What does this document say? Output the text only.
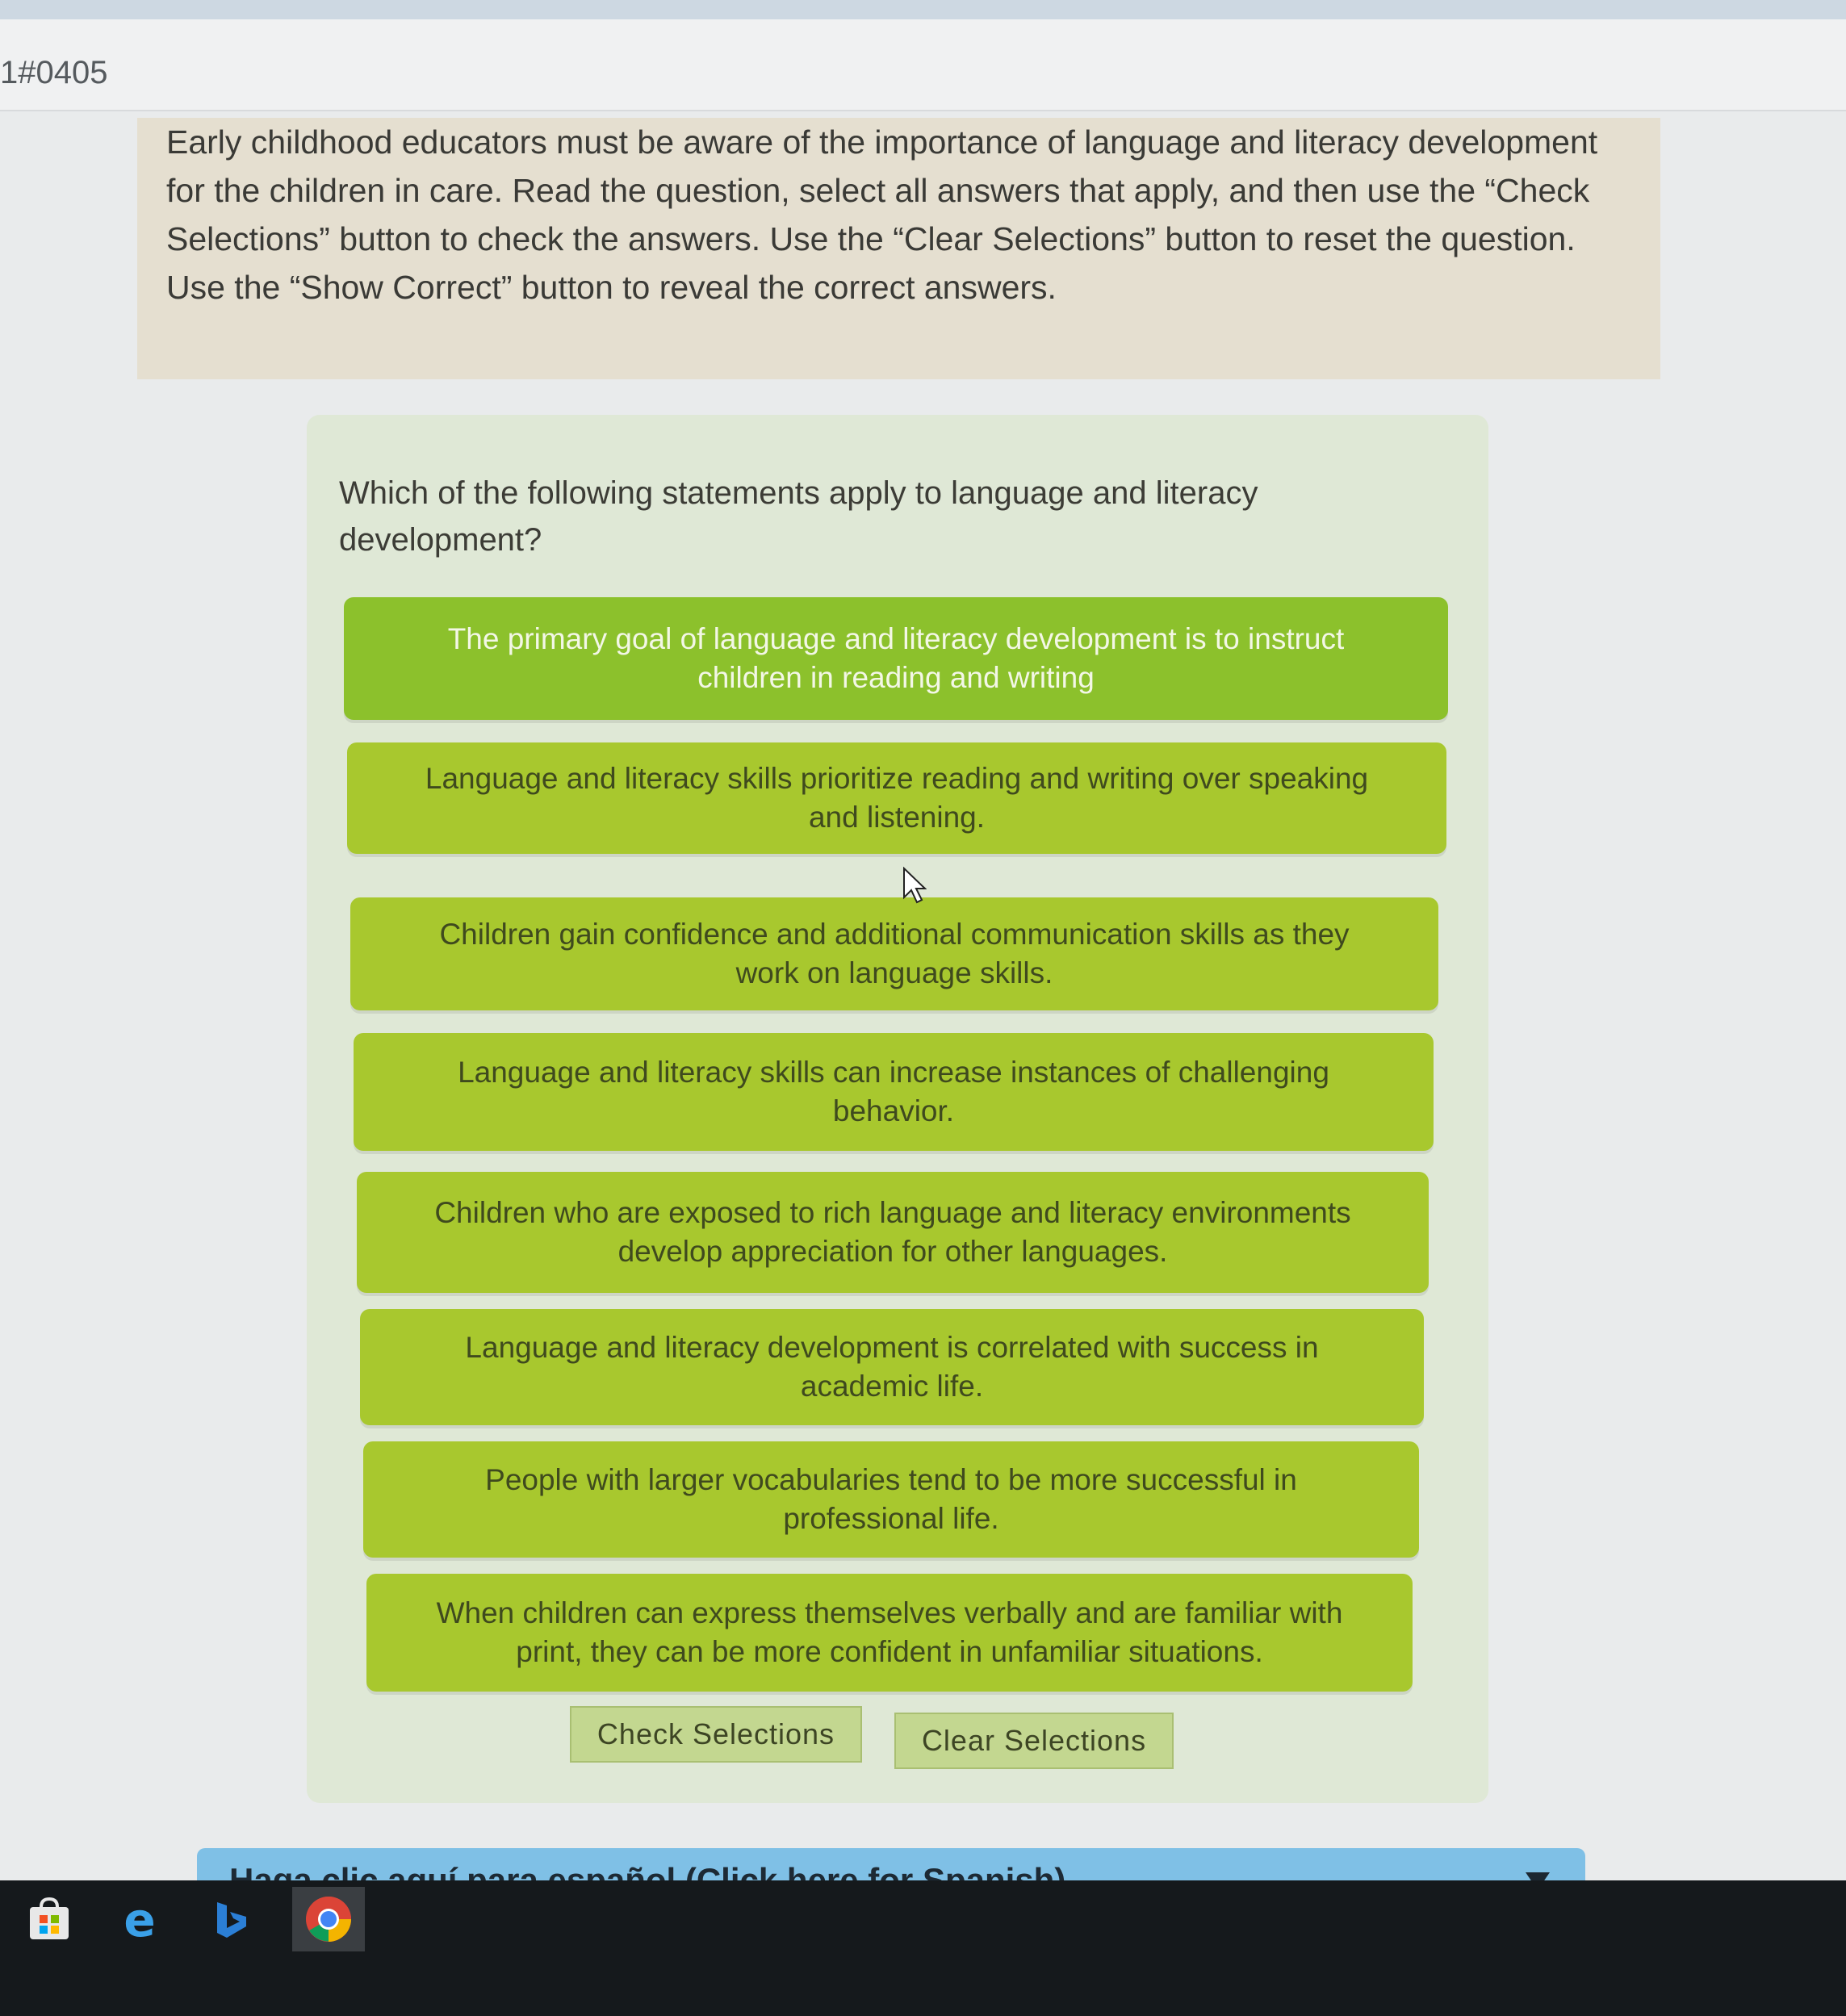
1#0405

Early childhood educators must be aware of the importance of language and literacy development for the children in care. Read the question, select all answers that apply, and then use the “Check Selections” button to check the answers. Use the “Clear Selections” button to reset the question. Use the “Show Correct” button to reveal the correct answers.

Which of the following statements apply to language and literacy development?

The primary goal of language and literacy development is to instruct children in reading and writing
Language and literacy skills prioritize reading and writing over speaking and listening.
Children gain confidence and additional communication skills as they work on language skills.
Language and literacy skills can increase instances of challenging behavior.
Children who are exposed to rich language and literacy environments develop appreciation for other languages.
Language and literacy development is correlated with success in academic life.
People with larger vocabularies tend to be more successful in professional life.
When children can express themselves verbally and are familiar with print, they can be more confident in unfamiliar situations.
Check Selections	Clear Selections
e
